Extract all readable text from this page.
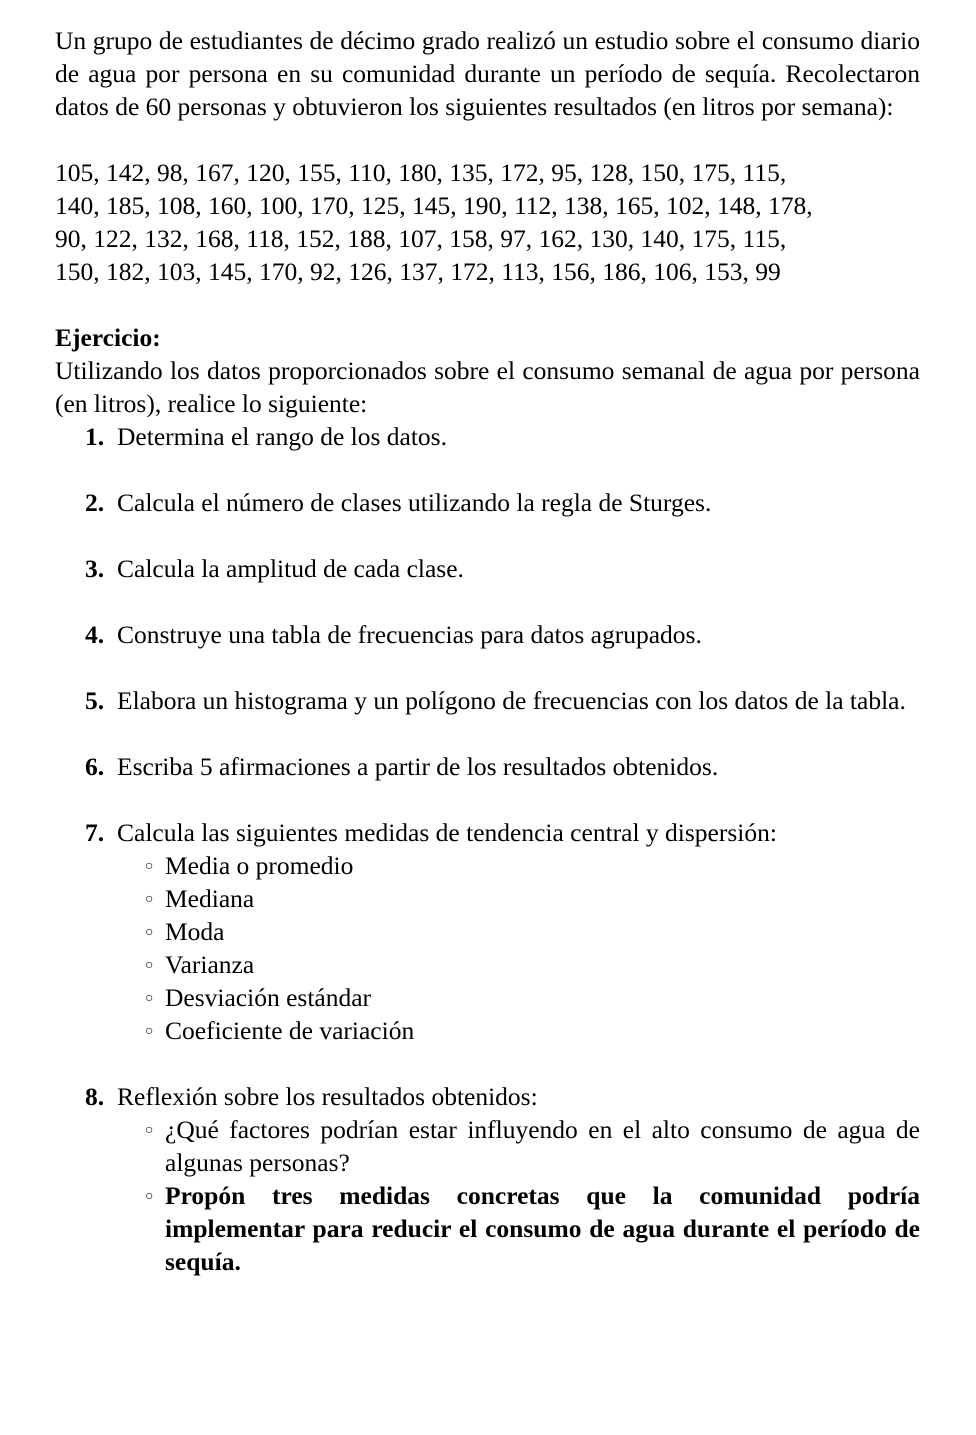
Un grupo de estudiantes de décimo grado realizó un estudio sobre el consumo diario de agua por persona en su comunidad durante un período de sequía. Recolectaron datos de 60 personas y obtuvieron los siguientes resultados (en litros por semana):

105, 142, 98, 167, 120, 155, 110, 180, 135, 172, 95, 128, 150, 175, 115,
140, 185, 108, 160, 100, 170, 125, 145, 190, 112, 138, 165, 102, 148, 178,
90, 122, 132, 168, 118, 152, 188, 107, 158, 97, 162, 130, 140, 175, 115,
150, 182, 103, 145, 170, 92, 126, 137, 172, 113, 156, 186, 106, 153, 99
Ejercicio:

Utilizando los datos proporcionados sobre el consumo semanal de agua por persona (en litros), realice lo siguiente:

1. Determina el rango de los datos.
2. Calcula el número de clases utilizando la regla de Sturges.
3. Calcula la amplitud de cada clase.
4. Construye una tabla de frecuencias para datos agrupados.
5. Elabora un histograma y un polígono de frecuencias con los datos de la tabla.
6. Escriba 5 afirmaciones a partir de los resultados obtenidos.
7. Calcula las siguientes medidas de tendencia central y dispersión:
○ Media o promedio
○ Mediana
○ Moda
○ Varianza
○ Desviación estándar
○ Coeficiente de variación
8. Reflexión sobre los resultados obtenidos:
○ ¿Qué factores podrían estar influyendo en el alto consumo de agua de algunas personas?
○ Propón tres medidas concretas que la comunidad podría implementar para reducir el consumo de agua durante el período de sequía.
